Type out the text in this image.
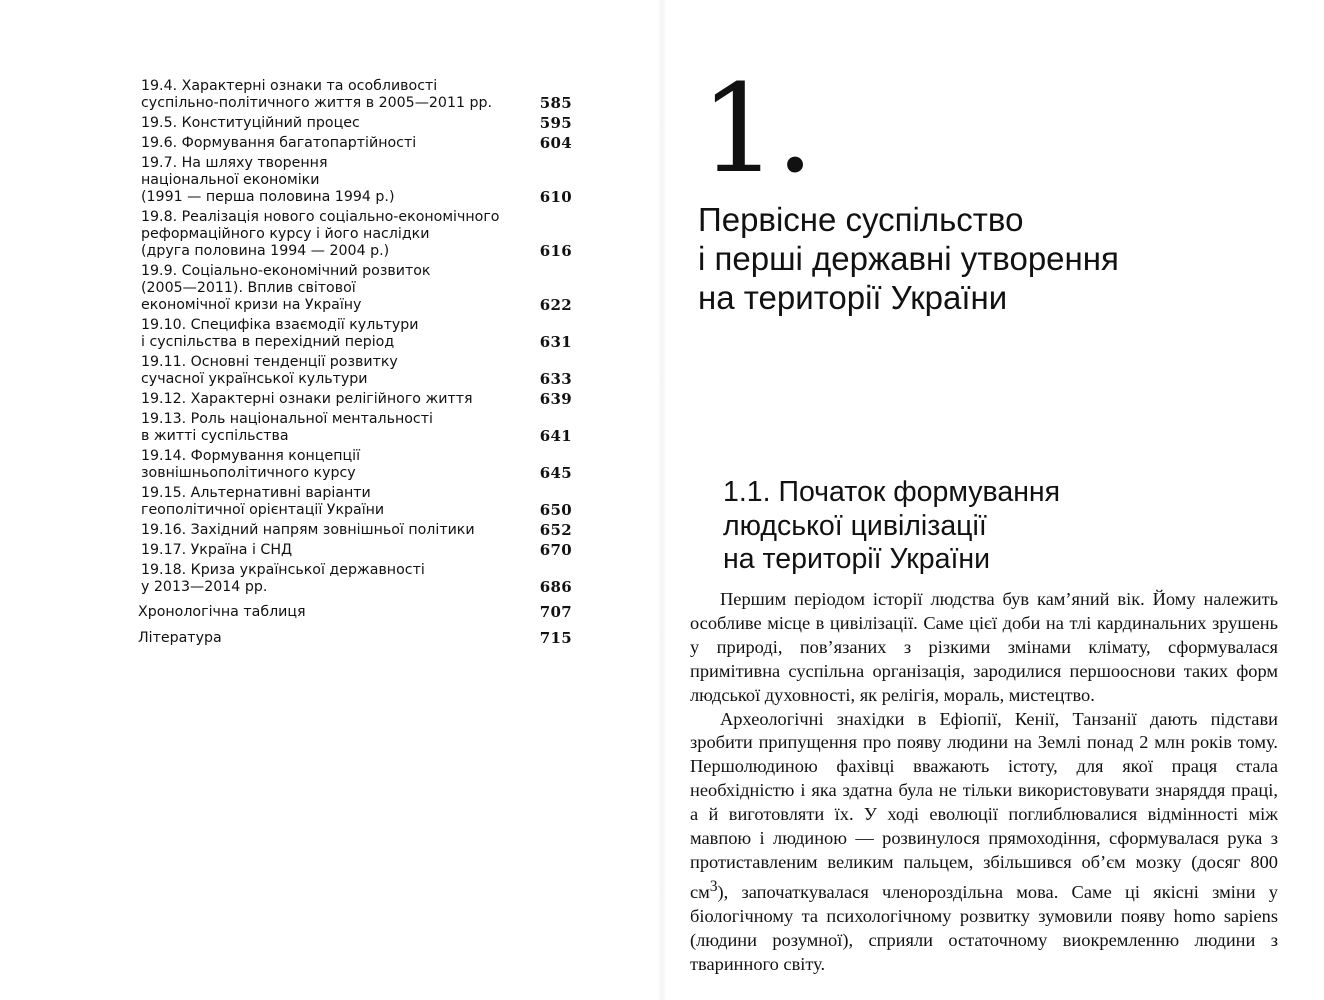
19.4. Характерні ознаки та особливості
суспільно-політичного життя в 2005—2011 рр.	585
19.5. Конституційний процес	595
19.6. Формування багатопартійності	604
19.7. На шляху творення
національної економіки
(1991 — перша половина 1994 р.)	610
19.8. Реалізація нового соціально-економічного
реформаційного курсу і його наслідки
(друга половина 1994 — 2004 р.)	616
19.9. Соціально-економічний розвиток
(2005—2011). Вплив світової
економічної кризи на Україну	622
19.10. Специфіка взаємодії культури
і суспільства в перехідний період	631
19.11. Основні тенденції розвитку
сучасної української культури	633
19.12. Характерні ознаки релігійного життя	639
19.13. Роль національної ментальності
в житті суспільства	641
19.14. Формування концепції
зовнішньополітичного курсу	645
19.15. Альтернативні варіанти
геополітичної орієнтації України	650
19.16. Західний напрям зовнішньої політики	652
19.17. Україна і СНД	670
19.18. Криза української державності
у 2013—2014 рр.	686
Хронологічна таблиця	707
Література	715
1.
Первісне суспільство
і перші державні утворення
на території України
1.1. Початок формування
людської цивілізації
на території України

Першим періодом історії людства був кам’яний вік. Йому належить особливе місце в цивілізації. Саме цієї доби на тлі кардинальних зрушень у природі, пов’язаних з різкими змінами клімату, сформувалася примітивна суспільна організація, зародилися першооснови таких форм людської духовності, як релігія, мораль, мистецтво.

Археологічні знахідки в Ефіопії, Кенії, Танзанії дають підстави зробити припущення про появу людини на Землі понад 2 млн років тому. Першолюдиною фахівці вважають істоту, для якої праця стала необхідністю і яка здатна була не тільки використовувати знаряддя праці, а й виготовляти їх. У ході еволюції поглиблювалися відмінності між мавпою і людиною — розвинулося прямоходіння, сформувалася рука з протиставленим великим пальцем, збільшився об’єм мозку (досяг 800 $см^3$), започаткувалася членороздільна мова. Саме ці якісні зміни у біологічному та психологічному розвитку зумовили появу homo sapiens (людини розумної), сприяли остаточному виокремленню людини з тваринного світу.
